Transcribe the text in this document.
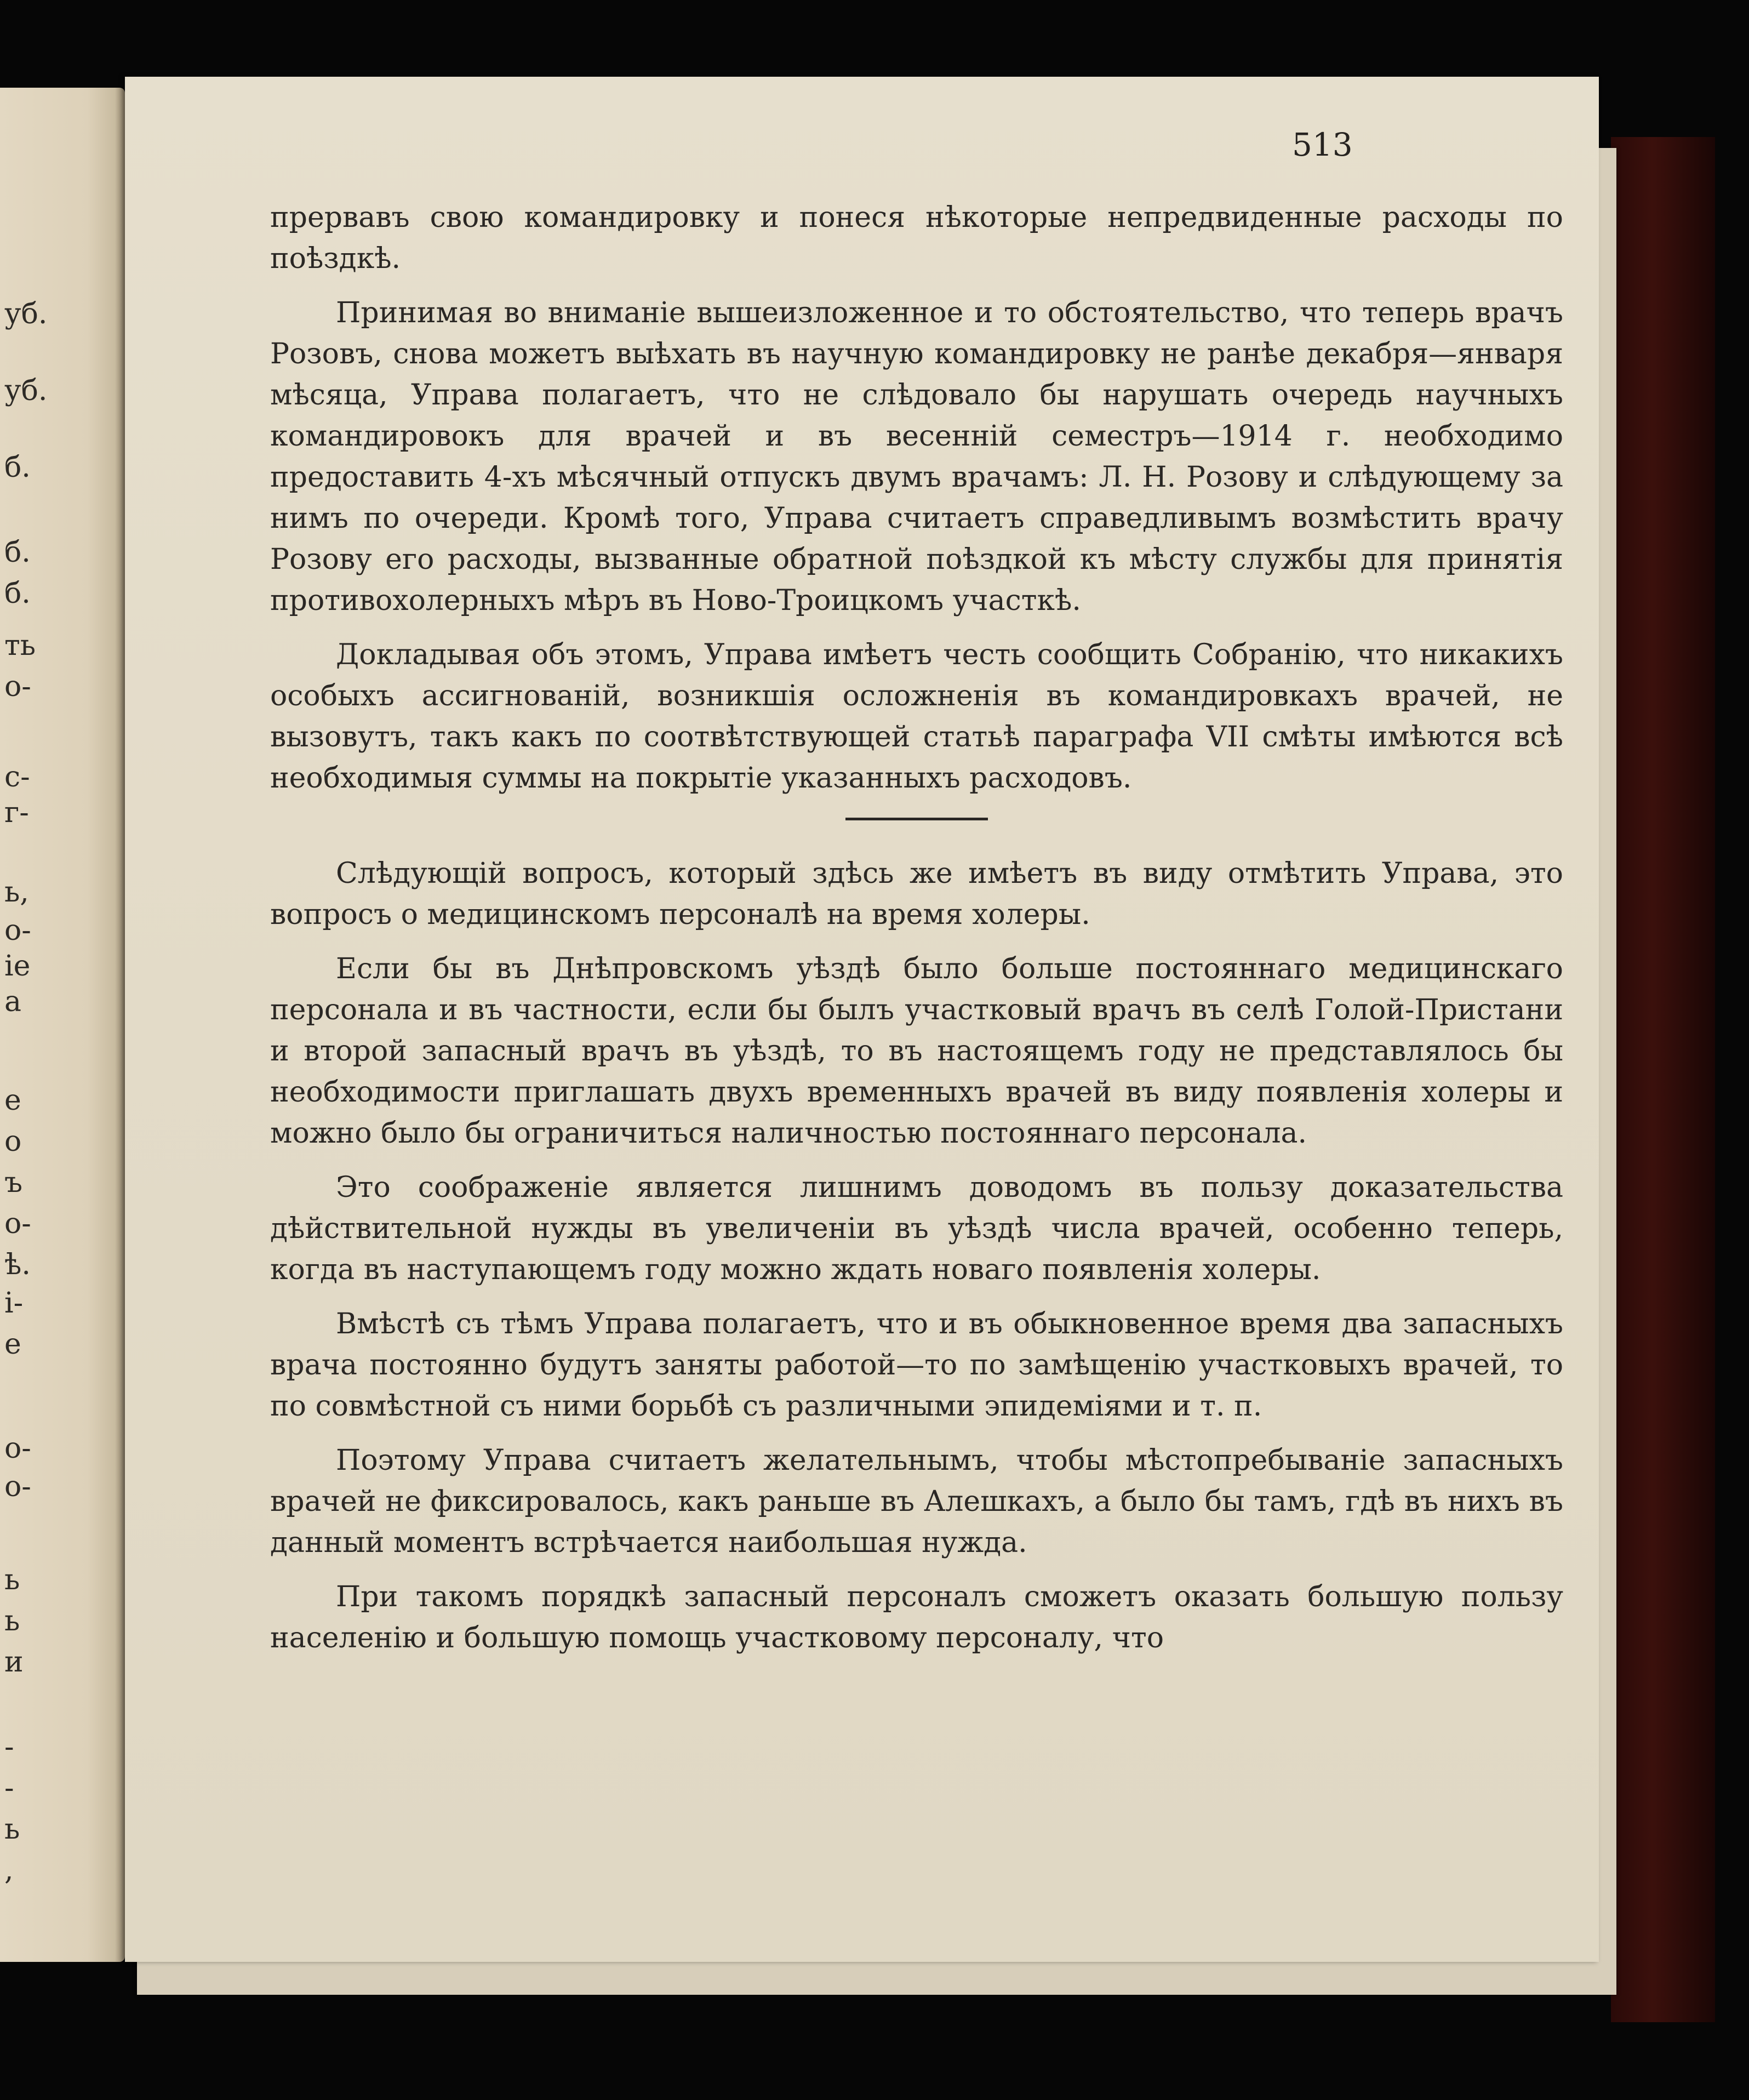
уб.
уб.
б.
б.
б.
ть
о-
с-
г-
ь,
о-
ie
а
е
о
ъ
о-
ѣ.
і-
е
о-
о-
ь
ь
и
-
-
ь
,
513

прервавъ свою командировку и понеся нѣкоторые непредвиденные расходы по поѣздкѣ.

Принимая во вниманіе вышеизложенное и то обстоятельство, что теперь врачъ Розовъ, снова можетъ выѣхать въ научную командировку не ранѣе декабря—января мѣсяца, Управа полагаетъ, что не слѣдовало бы нарушать очередь научныхъ командировокъ для врачей и въ весенній семестръ—1914 г. необходимо предоставить 4-хъ мѣсячный отпускъ двумъ врачамъ: Л. Н. Розову и слѣдующему за нимъ по очереди. Кромѣ того, Управа считаетъ справедливымъ возмѣстить врачу Розову его расходы, вызванные обратной поѣздкой къ мѣсту службы для принятія противохолерныхъ мѣръ въ Ново-Троицкомъ участкѣ.

Докладывая объ этомъ, Управа имѣетъ честь сообщить Собранію, что никакихъ особыхъ ассигнованій, возникшія осложненія въ командировкахъ врачей, не вызовутъ, такъ какъ по соотвѣтствующей статьѣ параграфа VII смѣты имѣются всѣ необходимыя суммы на покрытіе указанныхъ расходовъ.

Слѣдующій вопросъ, который здѣсь же имѣетъ въ виду отмѣтить Управа, это вопросъ о медицинскомъ персоналѣ на время холеры.

Если бы въ Днѣпровскомъ уѣздѣ было больше постояннаго медицинскаго персонала и въ частности, если бы былъ участковый врачъ въ селѣ Голой-Пристани и второй запасный врачъ въ уѣздѣ, то въ настоящемъ году не представлялось бы необходимости приглашать двухъ временныхъ врачей въ виду появленія холеры и можно было бы ограничиться наличностью постояннаго персонала.

Это соображеніе является лишнимъ доводомъ въ пользу доказательства дѣйствительной нужды въ увеличеніи въ уѣздѣ числа врачей, особенно теперь, когда въ наступающемъ году можно ждать новаго появленія холеры.

Вмѣстѣ съ тѣмъ Управа полагаетъ, что и въ обыкновенное время два запасныхъ врача постоянно будутъ заняты работой—то по замѣщенію участковыхъ врачей, то по совмѣстной съ ними борьбѣ съ различными эпидеміями и т. п.

Поэтому Управа считаетъ желательнымъ, чтобы мѣстопребываніе запасныхъ врачей не фиксировалось, какъ раньше въ Алешкахъ, а было бы тамъ, гдѣ въ нихъ въ данный моментъ встрѣчается наибольшая нужда.

При такомъ порядкѣ запасный персоналъ сможетъ оказать большую пользу населенію и большую помощь участковому персоналу, что
